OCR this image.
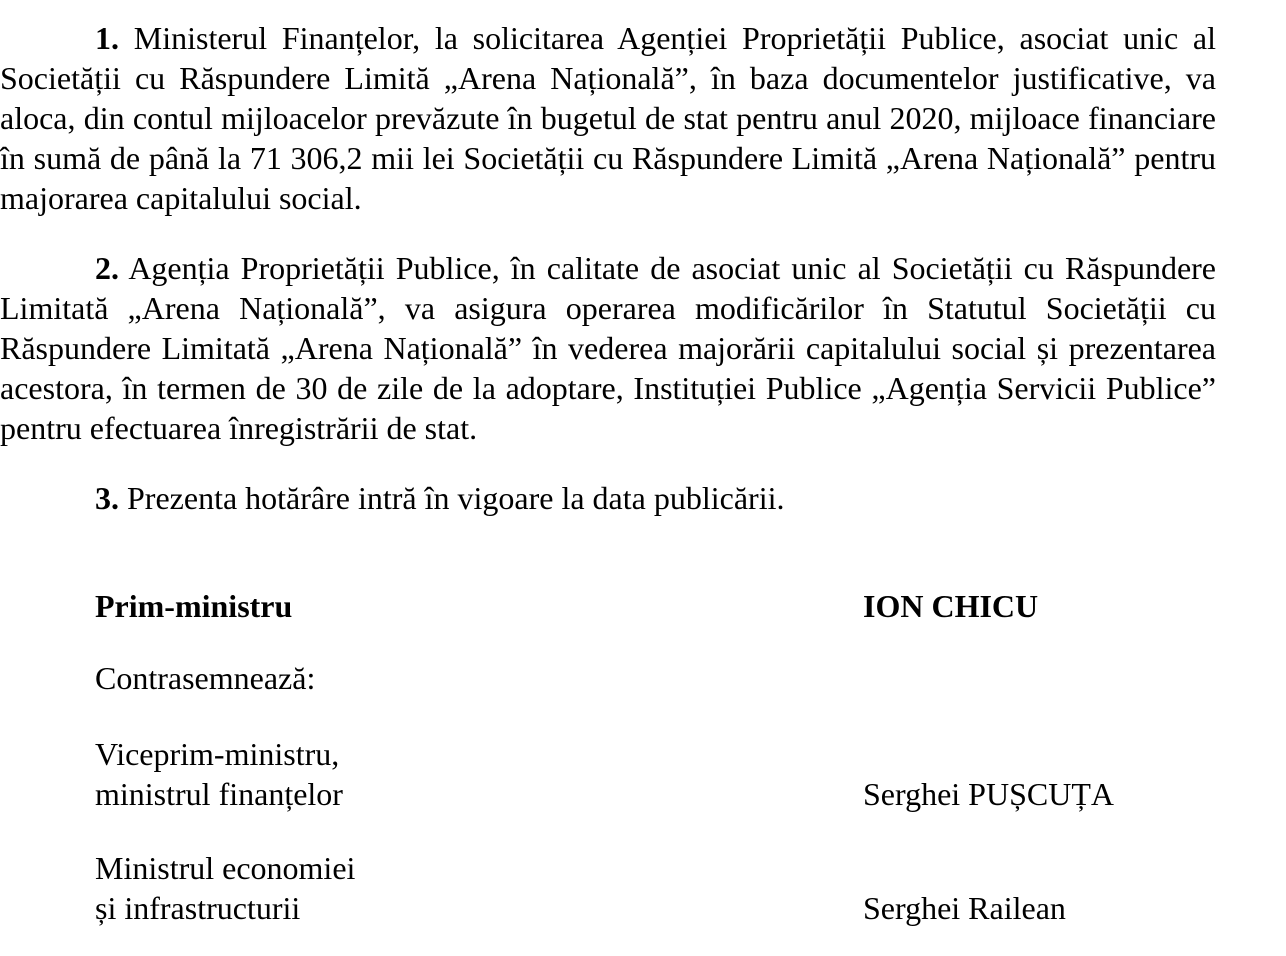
1. Ministerul Finanțelor, la solicitarea Agenției Proprietății Publice, asociat unic al Societății cu Răspundere Limită „Arena Națională”, în baza documentelor justificative, va aloca, din contul mijloacelor prevăzute în bugetul de stat pentru anul 2020, mijloace financiare în sumă de până la 71 306,2 mii lei Societății cu Răspundere Limită „Arena Națională” pentru majorarea capitalului social.

2. Agenția Proprietății Publice, în calitate de asociat unic al Societății cu Răspundere Limitată „Arena Națională”, va asigura operarea modificărilor în Statutul Societății cu Răspundere Limitată „Arena Națională” în vederea majorării capitalului social și prezentarea acestora, în termen de 30 de zile de la adoptare, Instituției Publice „Agenția Servicii Publice” pentru efectuarea înregistrării de stat.

3. Prezenta hotărâre intră în vigoare la data publicării.

Prim-ministru	ION CHICU
Contrasemnează:
Viceprim-ministru,
ministrul finanțelor	Serghei PUȘCUȚA
Ministrul economiei
și infrastructurii	Serghei Railean
